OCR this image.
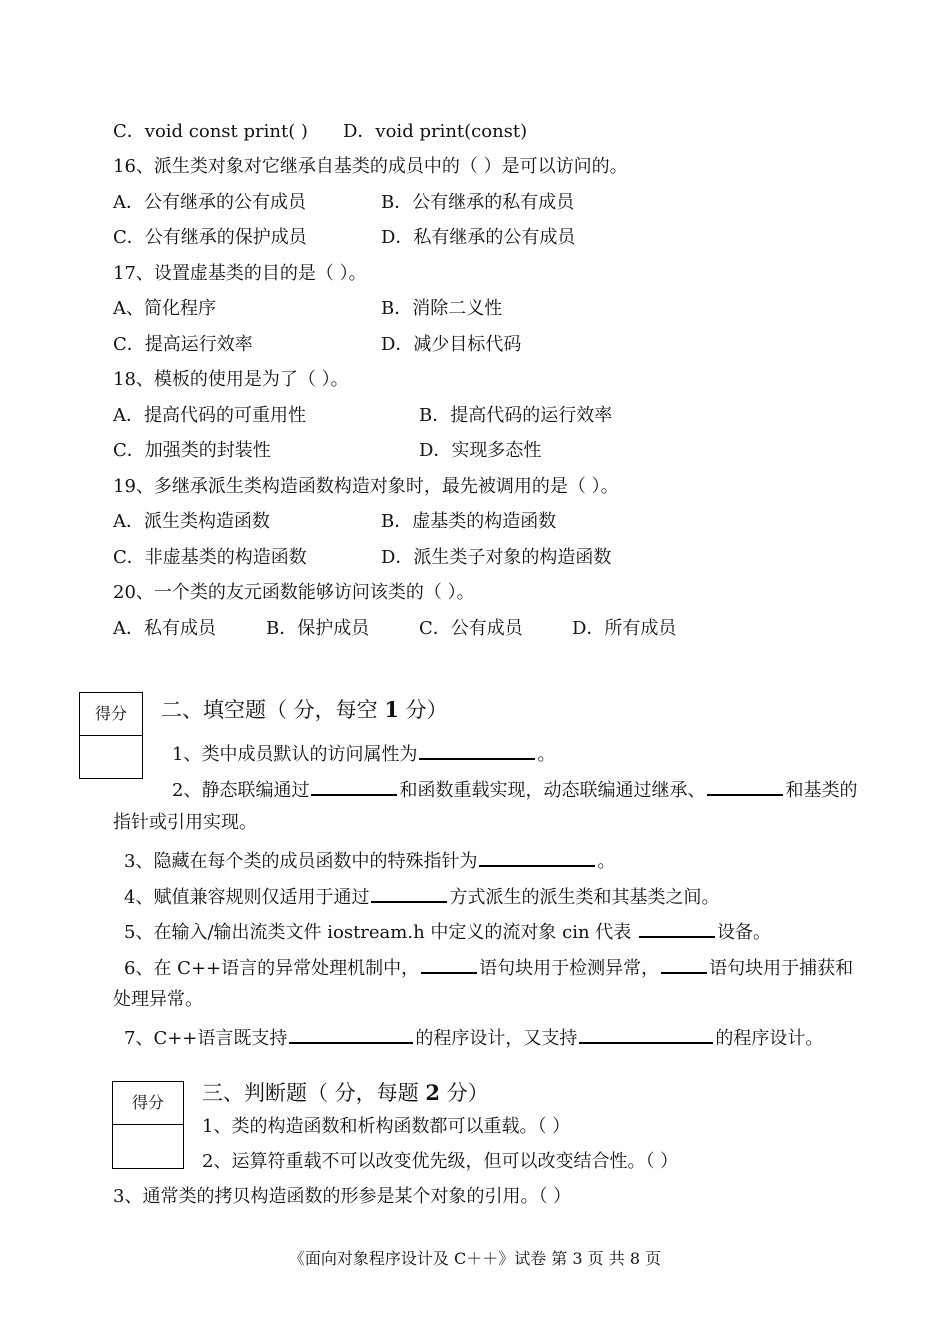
C．void const print( ) D．void print(const)
16、派生类对象对它继承自基类的成员中的（ ）是可以访问的。
A．公有继承的公有成员	B．公有继承的私有成员
C．公有继承的保护成员	D．私有继承的公有成员
17、设置虚基类的目的是（ ）。
A、简化程序	B．消除二义性
C．提高运行效率	D．减少目标代码
18、模板的使用是为了（ ）。
A．提高代码的可重用性	B．提高代码的运行效率
C．加强类的封装性	D．实现多态性
19、多继承派生类构造函数构造对象时，最先被调用的是（ ）。
A．派生类构造函数	B．虚基类的构造函数
C．非虚基类的构造函数	D．派生类子对象的构造函数
20、一个类的友元函数能够访问该类的（ ）。
A．私有成员	B．保护成员	C．公有成员	D．所有成员
得分	二、填空题（ 分，每空 1 分）
1、类中成员默认的访问属性为	。
2、静态联编通过	和函数重载实现，动态联编通过继承、	和基类的
指针或引用实现。
3、隐藏在每个类的成员函数中的特殊指针为	。
4、赋值兼容规则仅适用于通过	方式派生的派生类和其基类之间。
5、在输入/输出流类文件 iostream.h 中定义的流对象 cin 代表	设备。
6、在 C++语言的异常处理机制中，	语句块用于检测异常，	语句块用于捕获和
处理异常。
7、C++语言既支持	的程序设计，又支持	的程序设计。
得分	三、判断题（ 分，每题 2 分）
1、类的构造函数和析构函数都可以重载。（ ）
2、运算符重载不可以改变优先级，但可以改变结合性。（ ）
3、通常类的拷贝构造函数的形参是某个对象的引用。（ ）
《面向对象程序设计及 C＋＋》试卷 第 3 页 共 8 页
